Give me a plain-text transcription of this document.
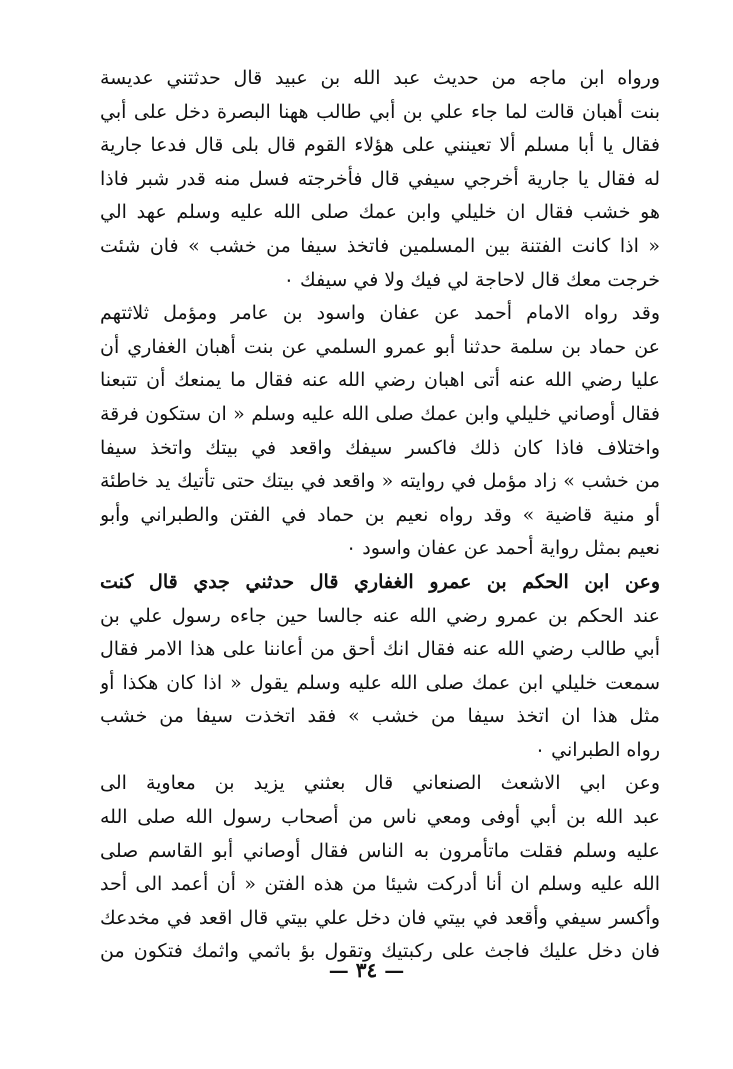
ورواه ابن ماجه من حديث عبد الله بن عبيد قال حدثتني عديسة
بنت أهبان قالت لما جاء علي بن أبي طالب ههنا البصرة دخل على أبي
فقال يا أبا مسلم ألا تعينني على هؤلاء القوم قال بلى قال فدعا جارية
له فقال يا جارية أخرجي سيفي قال فأخرجته فسل منه قدر شبر فاذا
هو خشب فقال ان خليلي وابن عمك صلى الله عليه وسلم عهد الي
« اذا كانت الفتنة بين المسلمين فاتخذ سيفا من خشب » فان شئت
خرجت معك قال لاحاجة لي فيك ولا في سيفك ٠
وقد رواه الامام أحمد عن عفان واسود بن عامر ومؤمل ثلاثتهم
عن حماد بن سلمة حدثنا أبو عمرو السلمي عن بنت أهبان الغفاري أن
عليا رضي الله عنه أتى اهبان رضي الله عنه فقال ما يمنعك أن تتبعنا
فقال أوصاني خليلي وابن عمك صلى الله عليه وسلم « ان ستكون فرقة
واختلاف فاذا كان ذلك فاكسر سيفك واقعد في بيتك واتخذ سيفا
من خشب » زاد مؤمل في روايته « واقعد في بيتك حتى تأتيك يد خاطئة
أو منية قاضية » وقد رواه نعيم بن حماد في الفتن والطبراني وأبو
نعيم بمثل رواية أحمد عن عفان واسود ٠
وعن ابن الحكم بن عمرو الغفاري قال حدثني جدي قال كنت
عند الحكم بن عمرو رضي الله عنه جالسا حين جاءه رسول علي بن
أبي طالب رضي الله عنه فقال انك أحق من أعاننا على هذا الامر فقال
سمعت خليلي ابن عمك صلى الله عليه وسلم يقول « اذا كان هكذا أو
مثل هذا ان اتخذ سيفا من خشب » فقد اتخذت سيفا من خشب
رواه الطبراني ٠
وعن ابي الاشعث الصنعاني قال بعثني يزيد بن معاوية الى
عبد الله بن أبي أوفى ومعي ناس من أصحاب رسول الله صلى الله
عليه وسلم فقلت ماتأمرون به الناس فقال أوصاني أبو القاسم صلى
الله عليه وسلم ان أنا أدركت شيئا من هذه الفتن « أن أعمد الى أحد
وأكسر سيفي وأقعد في بيتي فان دخل علي بيتي قال اقعد في مخدعك
فان دخل عليك فاجث على ركبتيك وتقول بؤ باثمي واثمك فتكون من
— ٣٤ —
